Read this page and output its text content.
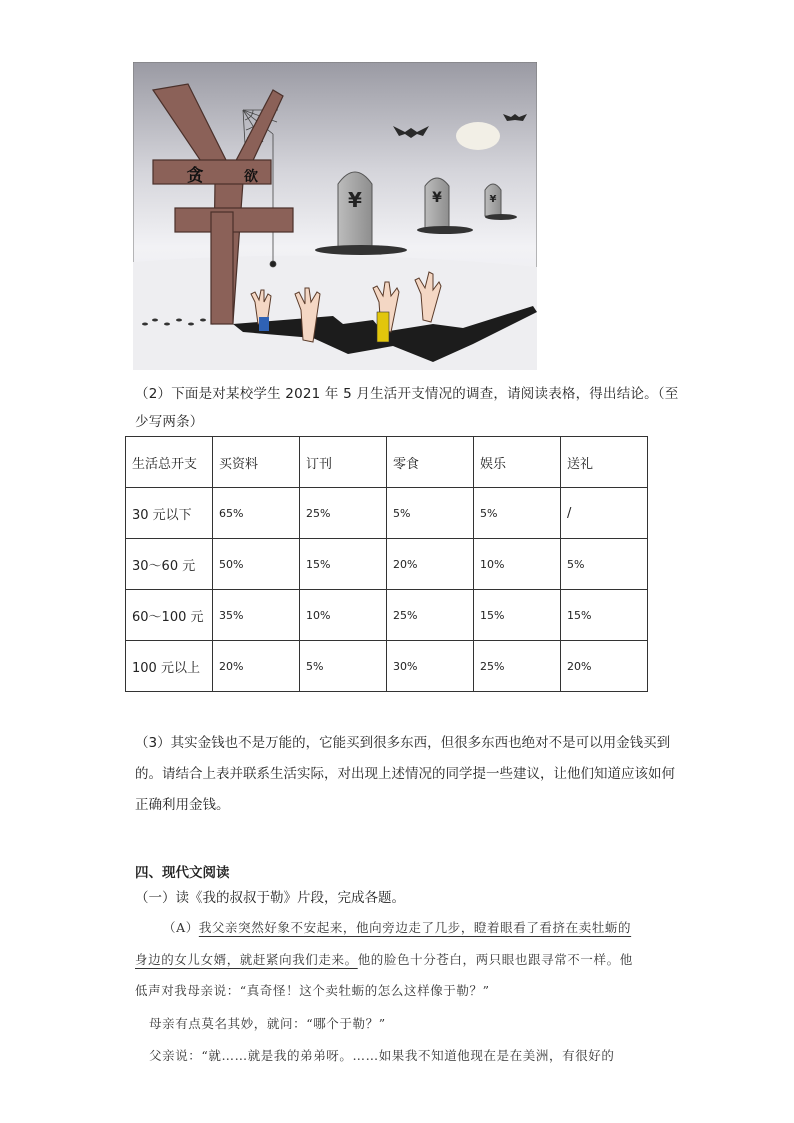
¥	¥	¥
贪	欲
（2）下面是对某校学生 2021 年 5 月生活开支情况的调查，请阅读表格，得出结论。（至少写两条）
生活总开支	买资料	订刊	零食	娱乐	送礼
30 元以下	65%	25%	5%	5%	/
30～60 元	50%	15%	20%	10%	5%
60～100 元	35%	10%	25%	15%	15%
100 元以上	20%	5%	30%	25%	20%
（3）其实金钱也不是万能的，它能买到很多东西，但很多东西也绝对不是可以用金钱买到的。请结合上表并联系生活实际，对出现上述情况的同学提一些建议，让他们知道应该如何正确利用金钱。
四、现代文阅读
（一）读《我的叔叔于勒》片段，完成各题。
（A）我父亲突然好象不安起来，他向旁边走了几步，瞪着眼看了看挤在卖牡蛎的
身边的女儿女婿，就赶紧向我们走来。他的脸色十分苍白，两只眼也跟寻常不一样。他
低声对我母亲说：“真奇怪！这个卖牡蛎的怎么这样像于勒？”
母亲有点莫名其妙，就问：“哪个于勒？”
父亲说：“就……就是我的弟弟呀。……如果我不知道他现在是在美洲，有很好的
